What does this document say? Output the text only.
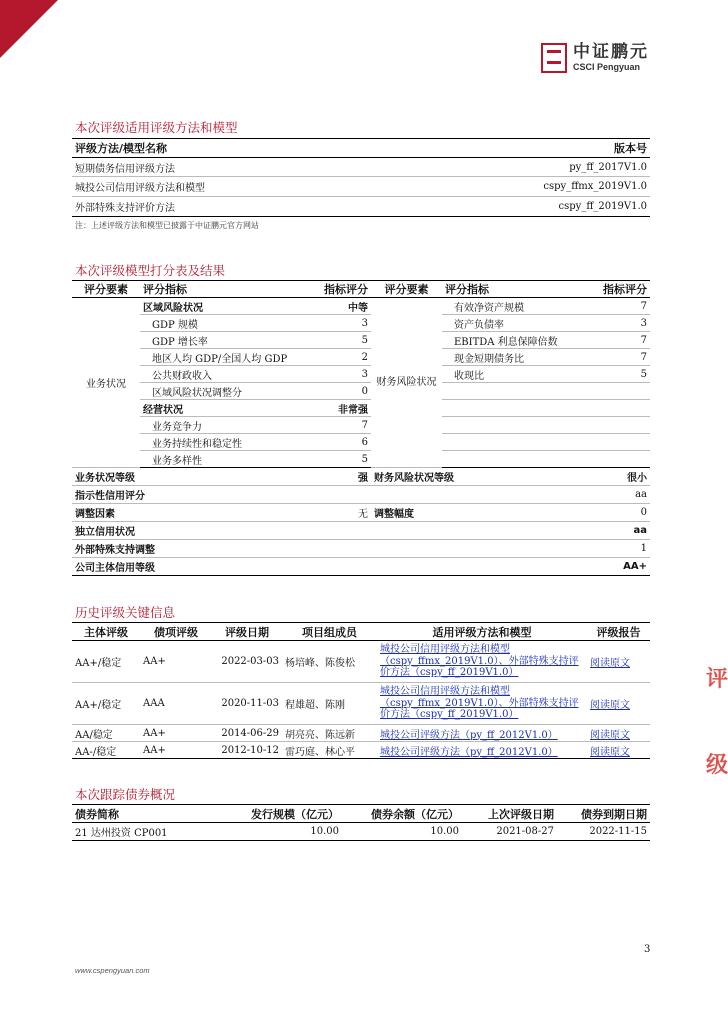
中证鹏元
CSCI Pengyuan
本次评级适用评级方法和模型
评级方法/模型名称	版本号
短期债务信用评级方法	py_ff_2017V1.0
城投公司信用评级方法和模型	cspy_ffmx_2019V1.0
外部特殊支持评价方法	cspy_ff_2019V1.0
注：上述评级方法和模型已披露于中证鹏元官方网站
本次评级模型打分表及结果
评分要素	评分指标	指标评分	评分要素	评分指标	指标评分
业务状况	区域风险状况	中等	财务风险状况	有效净资产规模	7
	GDP 规模	3		资产负债率	3
	GDP 增长率	5		EBITDA 利息保障倍数	7
	地区人均 GDP/全国人均 GDP	2		现金短期债务比	7
	公共财政收入	3		收现比	5
	区域风险状况调整分	0			
	经营状况	非常强			
	业务竞争力	7			
	业务持续性和稳定性	6			
	业务多样性	5			
业务状况等级		强	财务风险状况等级		很小
指示性信用评分					aa
调整因素		无	调整幅度		0
独立信用状况					aa
外部特殊支持调整					1
公司主体信用等级					AA+
历史评级关键信息
主体评级	债项评级	评级日期	项目组成员	适用评级方法和模型	评级报告
AA+/稳定	AA+	2022-03-03	杨培峰、陈俊松	城投公司信用评级方法和模型（cspy_ffmx_2019V1.0）、外部特殊支持评价方法（cspy_ff_2019V1.0）	阅读原文
AA+/稳定	AAA	2020-11-03	程雄超、陈刚	城投公司信用评级方法和模型（cspy_ffmx_2019V1.0）、外部特殊支持评价方法（cspy_ff_2019V1.0）	阅读原文
AA/稳定	AA+	2014-06-29	胡亮亮、陈远新	城投公司评级方法（py_ff_2012V1.0）	阅读原文
AA-/稳定	AA+	2012-10-12	雷巧庭、林心平	城投公司评级方法（py_ff_2012V1.0）	阅读原文
本次跟踪债券概况
债券简称	发行规模（亿元）	债券余额（亿元）	上次评级日期	债券到期日期
21 达州投资 CP001	10.00	10.00	2021-08-27	2022-11-15
评
级
3
www.cspengyuan.com
